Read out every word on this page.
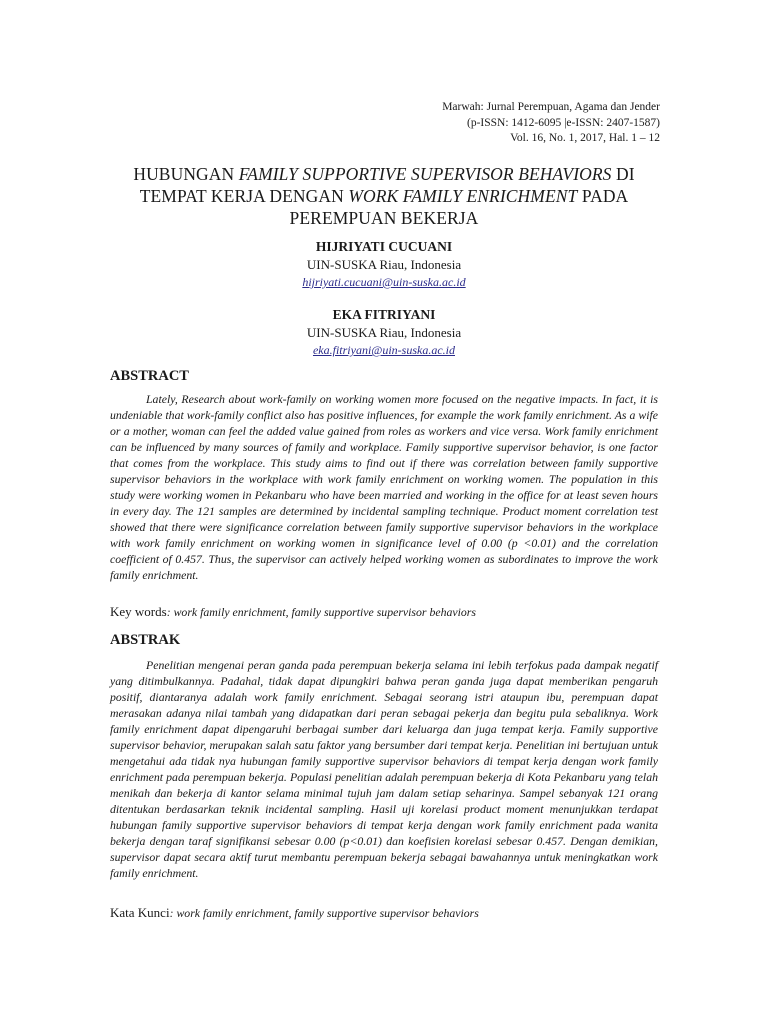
Marwah: Jurnal Perempuan, Agama dan Jender
(p-ISSN: 1412-6095 |e-ISSN: 2407-1587)
Vol. 16, No. 1, 2017, Hal. 1 – 12
HUBUNGAN FAMILY SUPPORTIVE SUPERVISOR BEHAVIORS DI TEMPAT KERJA DENGAN WORK FAMILY ENRICHMENT PADA PEREMPUAN BEKERJA
HIJRIYATI CUCUANI
UIN-SUSKA Riau, Indonesia
hijriyati.cucuani@uin-suska.ac.id
EKA FITRIYANI
UIN-SUSKA Riau, Indonesia
eka.fitriyani@uin-suska.ac.id
ABSTRACT

Lately, Research about work-family on working women more focused on the negative impacts. In fact, it is undeniable that work-family conflict also has positive influences, for example the work family enrichment. As a wife or a mother, woman can feel the added value gained from roles as workers and vice versa. Work family enrichment can be influenced by many sources of family and workplace. Family supportive supervisor behavior, is one factor that comes from the workplace. This study aims to find out if there was correlation between family supportive supervisor behaviors in the workplace with work family enrichment on working women. The population in this study were working women in Pekanbaru who have been married and working in the office for at least seven hours in every day. The 121 samples are determined by incidental sampling technique. Product moment correlation test showed that there were significance correlation between family supportive supervisor behaviors in the workplace with work family enrichment on working women in significance level of 0.00 (p <0.01) and the correlation coefficient of 0.457. Thus, the supervisor can actively helped working women as subordinates to improve the work family enrichment.

Key words: work family enrichment, family supportive supervisor behaviors
ABSTRAK

Penelitian mengenai peran ganda pada perempuan bekerja selama ini lebih terfokus pada dampak negatif yang ditimbulkannya. Padahal, tidak dapat dipungkiri bahwa peran ganda juga dapat memberikan pengaruh positif, diantaranya adalah work family enrichment. Sebagai seorang istri ataupun ibu, perempuan dapat merasakan adanya nilai tambah yang didapatkan dari peran sebagai pekerja dan begitu pula sebaliknya. Work family enrichment dapat dipengaruhi berbagai sumber dari keluarga dan juga tempat kerja. Family supportive supervisor behavior, merupakan salah satu faktor yang bersumber dari tempat kerja. Penelitian ini bertujuan untuk mengetahui ada tidak nya hubungan family supportive supervisor behaviors di tempat kerja dengan work family enrichment pada perempuan bekerja. Populasi penelitian adalah perempuan bekerja di Kota Pekanbaru yang telah menikah dan bekerja di kantor selama minimal tujuh jam dalam setiap seharinya. Sampel sebanyak 121 orang ditentukan berdasarkan teknik incidental sampling. Hasil uji korelasi product moment menunjukkan terdapat hubungan family supportive supervisor behaviors di tempat kerja dengan work family enrichment pada wanita bekerja dengan taraf signifikansi sebesar 0.00 (p<0.01) dan koefisien korelasi sebesar 0.457. Dengan demikian, supervisor dapat secara aktif turut membantu perempuan bekerja sebagai bawahannya untuk meningkatkan work family enrichment.

Kata Kunci: work family enrichment, family supportive supervisor behaviors
